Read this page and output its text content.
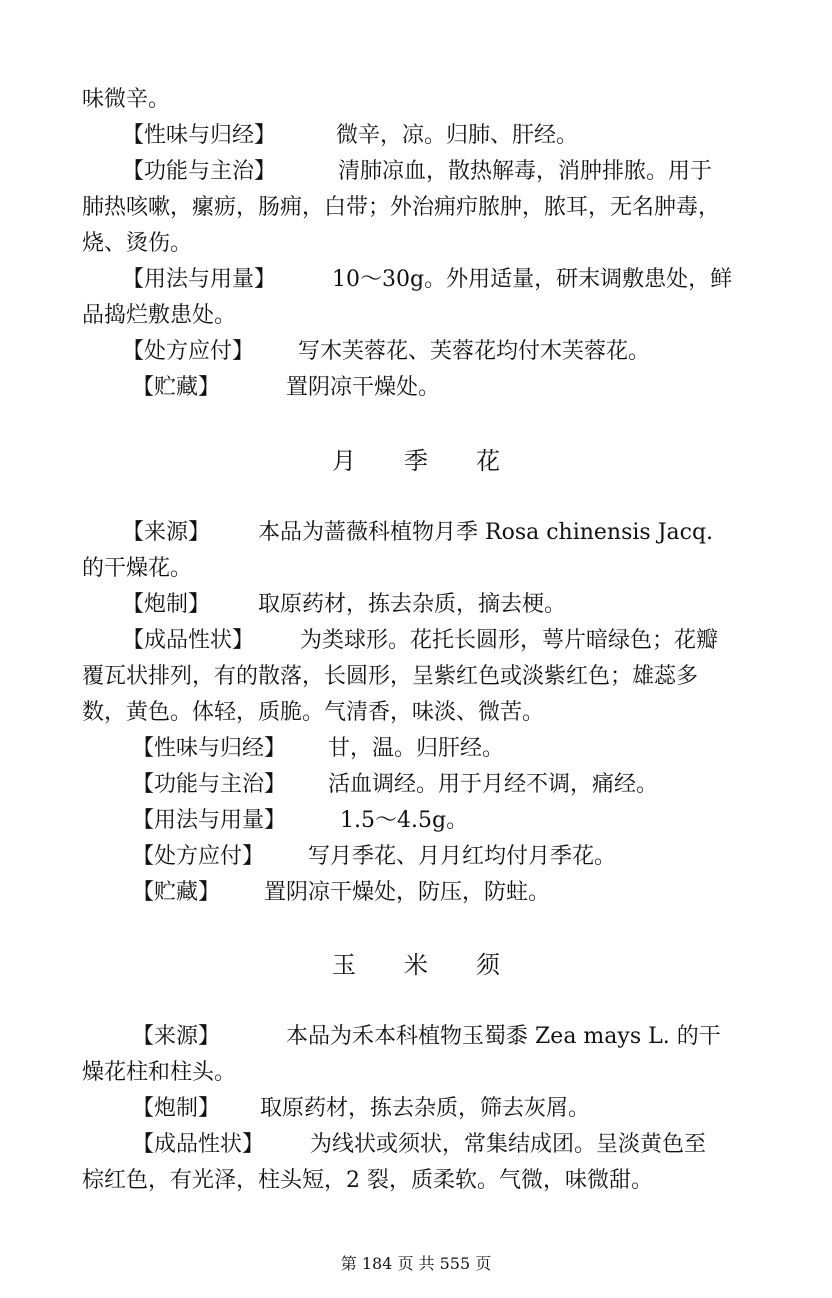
味微辛。
【性味与归经】	微辛，凉。归肺、肝经。
【功能与主治】	清肺凉血，散热解毒，消肿排脓。用于
肺热咳嗽，瘰疬，肠痈，白带；外治痈疖脓肿，脓耳，无名肿毒，
烧、烫伤。
【用法与用量】	10～30g。外用适量，研末调敷患处，鲜
品捣烂敷患处。
【处方应付】 写木芙蓉花、芙蓉花均付木芙蓉花。
【贮藏】	置阴凉干燥处。
月 季 花
【来源】 本品为蔷薇科植物月季 Rosa chinensis Jacq.
的干燥花。
【炮制】 取原药材，拣去杂质，摘去梗。
【成品性状】 为类球形。花托长圆形，萼片暗绿色；花瓣
覆瓦状排列，有的散落，长圆形，呈紫红色或淡紫红色；雄蕊多
数，黄色。体轻，质脆。气清香，味淡、微苦。
【性味与归经】 甘，温。归肝经。
【功能与主治】 活血调经。用于月经不调，痛经。
【用法与用量】 1.5～4.5g。
【处方应付】 写月季花、月月红均付月季花。
【贮藏】 置阴凉干燥处，防压，防蛀。
玉 米 须
【来源】	本品为禾本科植物玉蜀黍 Zea mays L. 的干
燥花柱和柱头。
【炮制】 取原药材，拣去杂质，筛去灰屑。
【成品性状】 为线状或须状，常集结成团。呈淡黄色至
棕红色，有光泽，柱头短，2 裂，质柔软。气微，味微甜。
第 184 页 共 555 页
